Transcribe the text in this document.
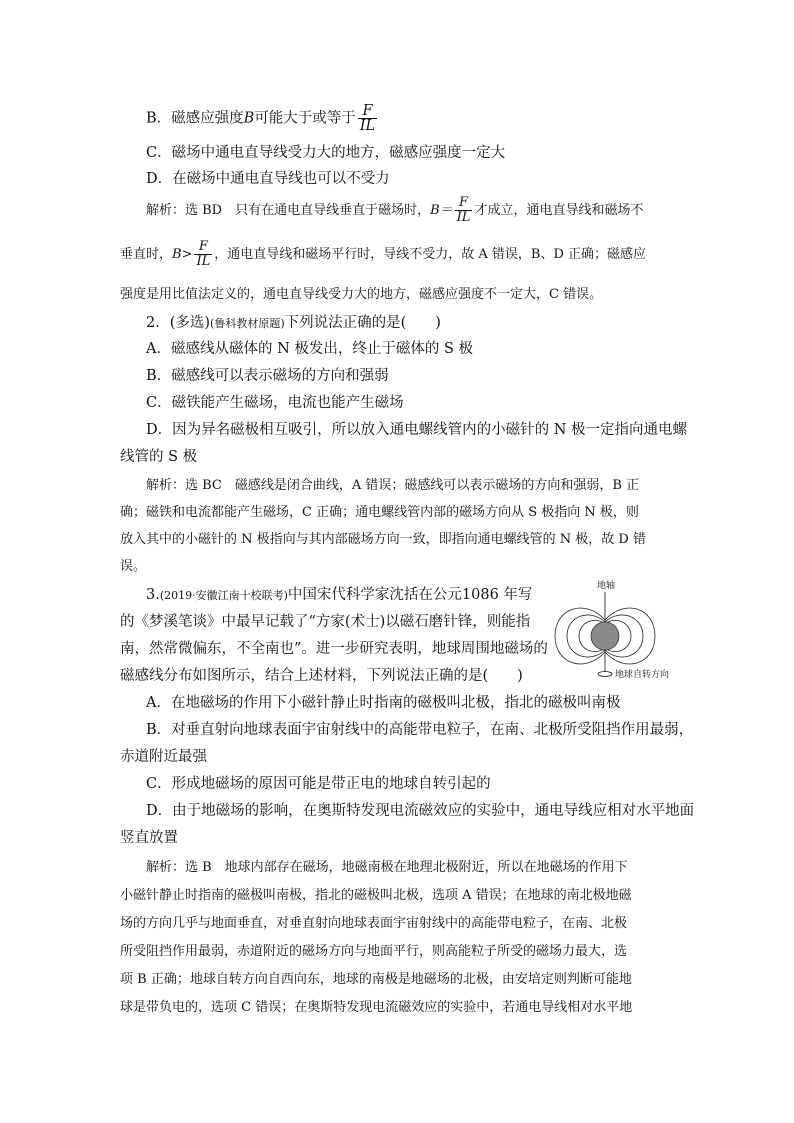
B．磁感应强度B可能大于或等于 $\frac{F}{IL}$
C．磁场中通电直导线受力大的地方，磁感应强度一定大
D．在磁场中通电直导线也可以不受力
解析：选 BD　只有在通电直导线垂直于磁场时，$B= \frac{F}{IL}$ 才成立，通电直导线和磁场不
垂直时，$B> \frac{F}{IL}$ ，通电直导线和磁场平行时，导线不受力，故 A 错误，B、D 正确；磁感应
强度是用比值法定义的，通电直导线受力大的地方，磁感应强度不一定大，C 错误。
2．(多选)(鲁科教材原题)下列说法正确的是(　　)
A．磁感线从磁体的 N 极发出，终止于磁体的 S 极
B．磁感线可以表示磁场的方向和强弱
C．磁铁能产生磁场，电流也能产生磁场
D．因为异名磁极相互吸引，所以放入通电螺线管内的小磁针的 N 极一定指向通电螺
线管的 S 极
解析：选 BC　磁感线是闭合曲线，A 错误；磁感线可以表示磁场的方向和强弱，B 正
确；磁铁和电流都能产生磁场，C 正确；通电螺线管内部的磁场方向从 S 极指向 N 极，则
放入其中的小磁针的 N 极指向与其内部磁场方向一致，即指向通电螺线管的 N 极，故 D 错
误。
3.(2019·安徽江南十校联考)中国宋代科学家沈括在公元1086 年写
的《梦溪笔谈》中最早记载了“方家(术士)以磁石磨针锋，则能指
南，然常微偏东，不全南也”。进一步研究表明，地球周围地磁场的
磁感线分布如图所示，结合上述材料，下列说法正确的是(　　)
地轴
地球自转方向
A．在地磁场的作用下小磁针静止时指南的磁极叫北极，指北的磁极叫南极
B．对垂直射向地球表面宇宙射线中的高能带电粒子，在南、北极所受阻挡作用最弱，
赤道附近最强
C．形成地磁场的原因可能是带正电的地球自转引起的
D．由于地磁场的影响，在奥斯特发现电流磁效应的实验中，通电导线应相对水平地面
竖直放置
解析：选 B　地球内部存在磁场，地磁南极在地理北极附近，所以在地磁场的作用下
小磁针静止时指南的磁极叫南极，指北的磁极叫北极，选项 A 错误；在地球的南北极地磁
场的方向几乎与地面垂直，对垂直射向地球表面宇宙射线中的高能带电粒子，在南、北极
所受阻挡作用最弱，赤道附近的磁场方向与地面平行，则高能粒子所受的磁场力最大，选
项 B 正确；地球自转方向自西向东，地球的南极是地磁场的北极，由安培定则判断可能地
球是带负电的，选项 C 错误；在奥斯特发现电流磁效应的实验中，若通电导线相对水平地
